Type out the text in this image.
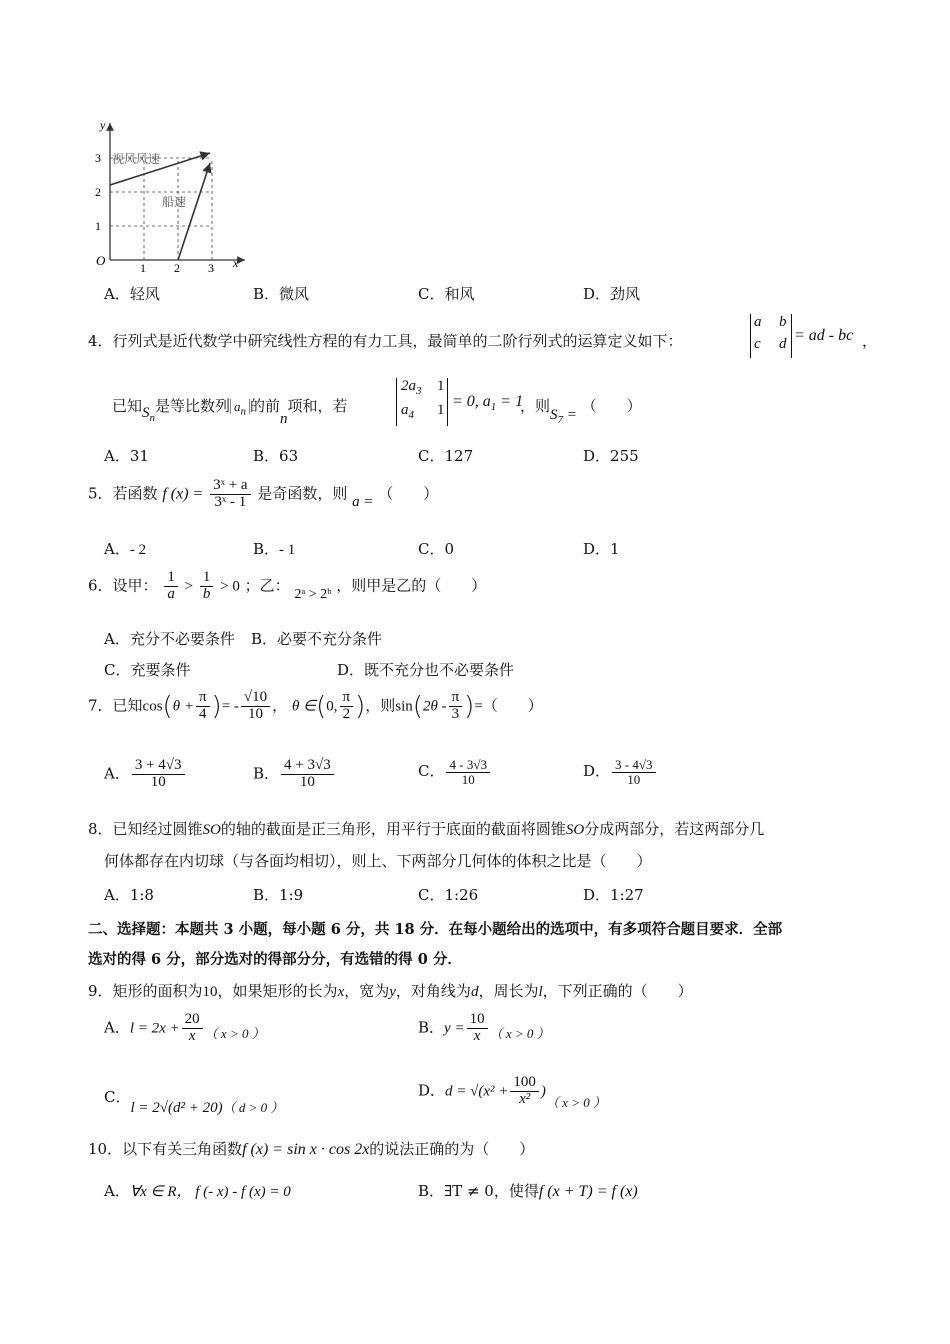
y
x
O	1 2 3
1
2
3 视风风速
船速
A．轻风	B．微风	C．和风	D．劲风
4．行列式是近代数学中研究线性方程的有力工具，最简单的二阶行列式的运算定义如下：
a b
c d = ad - bc ，
已知$S_n$是等比数列 $a_n$ 的前n项和，若
$2a_3$ 1
$a_4$ 1 = 0, $a_1 = 1$
，则$S_7$ = （　　）
A．31	B．63	C．127	D．255
5．若函数 f $(x) = \frac{\text{3ˣ + a}}{\text{3ˣ - 1}}$ 是奇函数，则 a = （　　）
A．- 2	B．- 1	C．0	D．1
6．设甲： $\frac{1}{a} > \frac{1}{b} > 0$ ；乙： 2ᵃ > 2ᵇ ，则甲是乙的（　　）
A．充分不必要条件 B．必要不充分条件
C．充要条件	D．既不充分也不必要条件
7．已知$\cos(\theta + \frac{\pi}{4}$ )= - $\frac{√10}{10}$ ， θ ∈(0, $\frac{\pi}{2}$ )，则$\sin(2\theta - \frac{\pi}{3}$ )=（　　）
A． $\frac{3 + 4√3}{10}$	B． $\frac{4 + 3√3}{10}$	C． $\frac{4 - 3√3}{10}$	D． $\frac{3 - 4√3}{10}$
8．已知经过圆锥SO的轴的截面是正三角形，用平行于底面的截面将圆锥SO分成两部分，若这两部分几
何体都存在内切球（与各面均相切），则上、下两部分几何体的体积之比是（　　）
A．1:8	B．1:9	C．1:26	D．1:27
二、选择题：本题共 3 小题，每小题 6 分，共 18 分．在每小题给出的选项中，有多项符合题目要求．全部
选对的得 6 分，部分选对的得部分分，有选错的得 0 分．
9．矩形的面积为10，如果矩形的长为x，宽为y，对角线为d，周长为l，下列正确的（　　）
A．$l = 2x + \frac{20}{x}$ （ x > 0 ）	B．$y = \frac{10}{x}$ （ x > 0 ）
C．l = 2√(d² + 20)（ d > 0 ）
D．$d = √(x^2 + \frac{100}{\text{x²}}$ )（ x > 0 ）
10．以下有关三角函数f (x) = sin x · cos 2x的说法正确的为（　　）
A．∀x ∈ R， f (- x) - f (x) = 0	B．∃T ≠ 0，使得f (x + T) = f (x)
